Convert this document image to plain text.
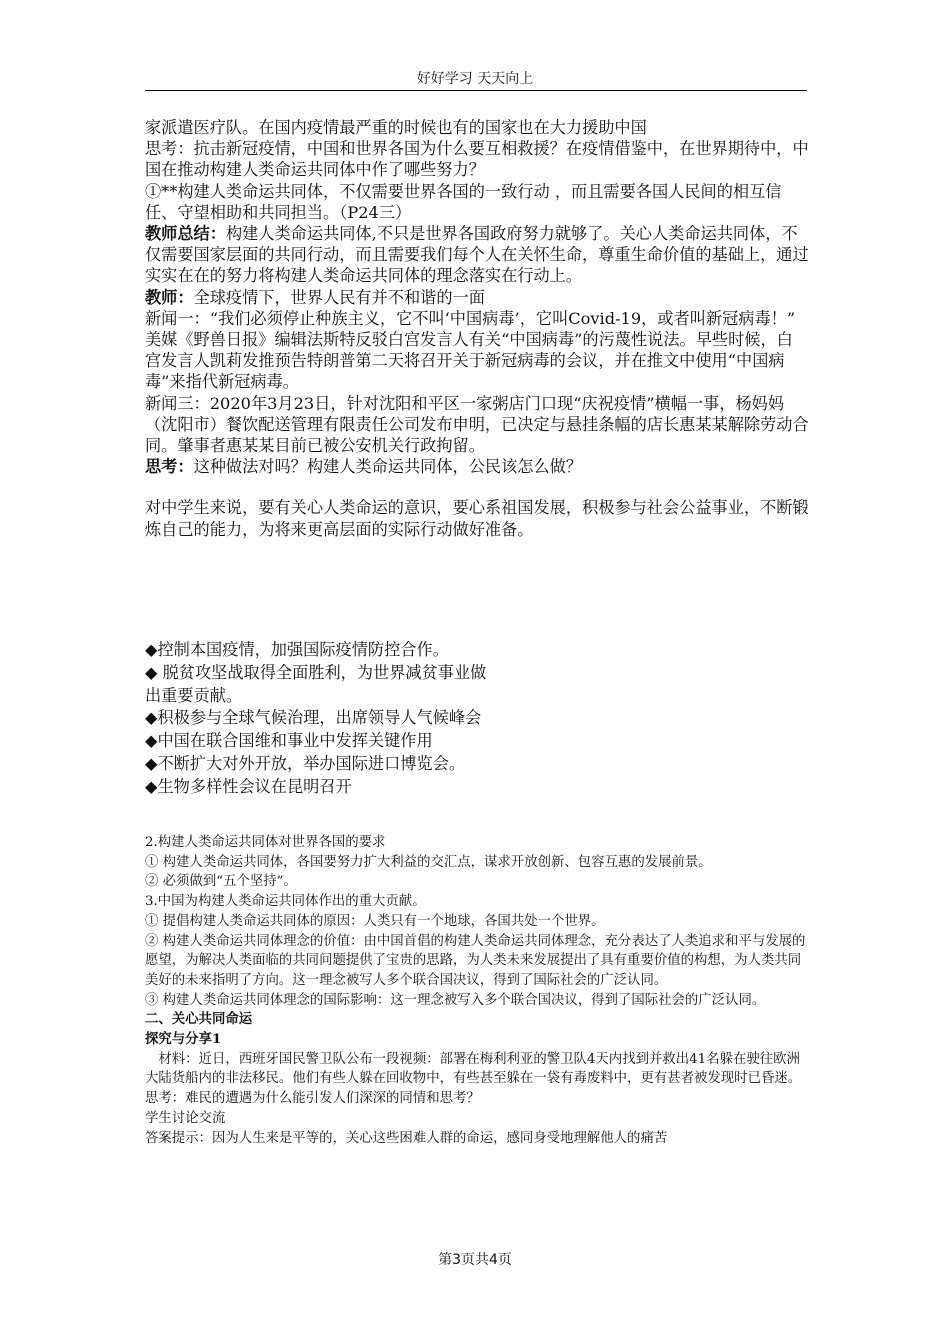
好好学习 天天向上

家派遣医疗队。在国内疫情最严重的时候也有的国家也在大力援助中国

思考：抗击新冠疫情，中国和世界各国为什么要互相救援？在疫情借鉴中，在世界期待中，中国在推动构建人类命运共同体中作了哪些努力？

①**构建人类命运共同体，不仅需要世界各国的一致行动 ，而且需要各国人民间的相互信任、守望相助和共同担当。（P24三）

教师总结：构建人类命运共同体,不只是世界各国政府努力就够了。关心人类命运共同体，不仅需要国家层面的共同行动，而且需要我们每个人在关怀生命，尊重生命价值的基础上，通过实实在在的努力将构建人类命运共同体的理念落实在行动上。

教师：全球疫情下，世界人民有并不和谐的一面

新闻一：“我们必须停止种族主义，它不叫‘中国病毒’，它叫Covid-19，或者叫新冠病毒！” 美媒《野兽日报》编辑法斯特反驳白宫发言人有关“中国病毒”的污蔑性说法。早些时候，白宫发言人凯莉发推预告特朗普第二天将召开关于新冠病毒的会议，并在推文中使用“中国病毒”来指代新冠病毒。

新闻三：2020年3月23日，针对沈阳和平区一家粥店门口现“庆祝疫情”横幅一事，杨妈妈（沈阳市）餐饮配送管理有限责任公司发布申明，已决定与悬挂条幅的店长惠某某解除劳动合同。肇事者惠某某目前已被公安机关行政拘留。

思考：这种做法对吗？构建人类命运共同体，公民该怎么做？

对中学生来说，要有关心人类命运的意识，要心系祖国发展，积极参与社会公益事业，不断锻炼自己的能力，为将来更高层面的实际行动做好准备。

◆控制本国疫情，加强国际疫情防控合作。

◆ 脱贫攻坚战取得全面胜利，为世界减贫事业做

出重要贡献。

◆积极参与全球气候治理，出席领导人气候峰会

◆中国在联合国维和事业中发挥关键作用

◆不断扩大对外开放，举办国际进口博览会。

◆生物多样性会议在昆明召开

2.构建人类命运共同体对世界各国的要求

① 构建人类命运共同体，各国要努力扩大利益的交汇点，谋求开放创新、包容互惠的发展前景。

② 必须做到“五个坚持”。

3.中国为构建人类命运共同体作出的重大贡献。

① 提倡构建人类命运共同体的原因：人类只有一个地球，各国共处一个世界。

② 构建人类命运共同体理念的价值：由中国首倡的构建人类命运共同体理念，充分表达了人类追求和平与发展的愿望，为解决人类面临的共同问题提供了宝贵的思路，为人类未来发展提出了具有重要价值的构想，为人类共同美好的未来指明了方向。这一理念被写人多个联合国决议，得到了国际社会的广泛认同。

③ 构建人类命运共同体理念的国际影响：这一理念被写入多个联合国决议，得到了国际社会的广泛认同。

二、关心共同命运

探究与分享1

　材料：近日，西班牙国民警卫队公布一段视频：部署在梅利利亚的警卫队4天内找到并救出41名躲在驶往欧洲大陆货船内的非法移民。他们有些人躲在回收物中，有些甚至躲在一袋有毒废料中，更有甚者被发现时已昏迷。

思考：难民的遭遇为什么能引发人们深深的同情和思考？

学生讨论交流

答案提示：因为人生来是平等的，关心这些困难人群的命运，感同身受地理解他人的痛苦

第3页共4页
